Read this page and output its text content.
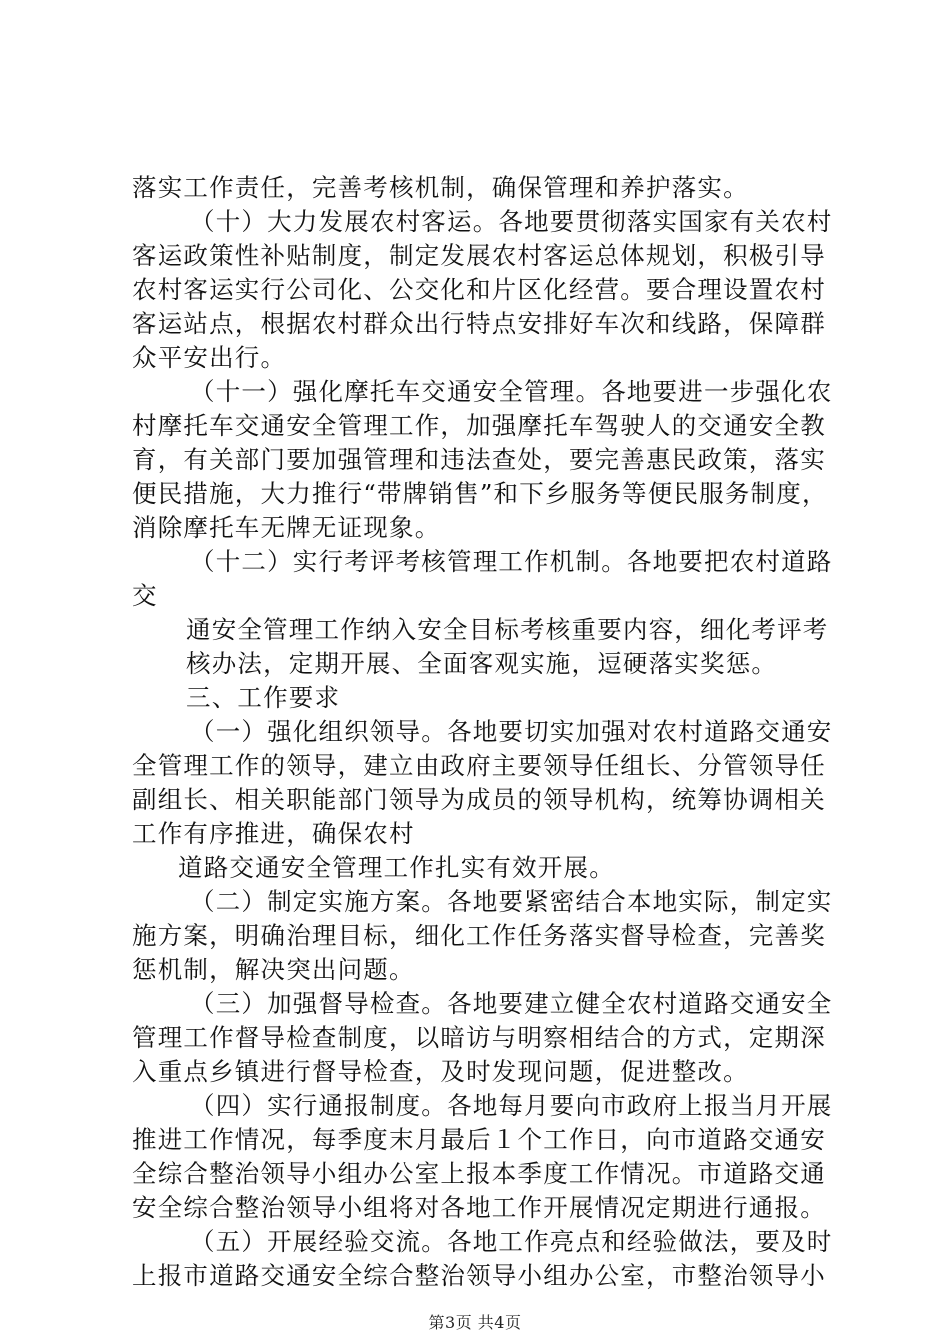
落实工作责任，完善考核机制，确保管理和养护落实。
（十）大力发展农村客运。各地要贯彻落实国家有关农村
客运政策性补贴制度，制定发展农村客运总体规划，积极引导
农村客运实行公司化、公交化和片区化经营。要合理设置农村
客运站点，根据农村群众出行特点安排好车次和线路，保障群
众平安出行。
（十一）强化摩托车交通安全管理。各地要进一步强化农
村摩托车交通安全管理工作，加强摩托车驾驶人的交通安全教
育，有关部门要加强管理和违法查处，要完善惠民政策，落实
便民措施，大力推行“带牌销售”和下乡服务等便民服务制度，
消除摩托车无牌无证现象。
（十二）实行考评考核管理工作机制。各地要把农村道路
交
通安全管理工作纳入安全目标考核重要内容，细化考评考
核办法，定期开展、全面客观实施，逗硬落实奖惩。
三、工作要求
（一）强化组织领导。各地要切实加强对农村道路交通安
全管理工作的领导，建立由政府主要领导任组长、分管领导任
副组长、相关职能部门领导为成员的领导机构，统筹协调相关
工作有序推进，确保农村
道路交通安全管理工作扎实有效开展。
（二）制定实施方案。各地要紧密结合本地实际，制定实
施方案，明确治理目标，细化工作任务落实督导检查，完善奖
惩机制，解决突出问题。
（三）加强督导检查。各地要建立健全农村道路交通安全
管理工作督导检查制度，以暗访与明察相结合的方式，定期深
入重点乡镇进行督导检查，及时发现问题，促进整改。
（四）实行通报制度。各地每月要向市政府上报当月开展
推进工作情况，每季度末月最后１个工作日，向市道路交通安
全综合整治领导小组办公室上报本季度工作情况。市道路交通
安全综合整治领导小组将对各地工作开展情况定期进行通报。
（五）开展经验交流。各地工作亮点和经验做法，要及时
上报市道路交通安全综合整治领导小组办公室，市整治领导小
第3页 共4页
